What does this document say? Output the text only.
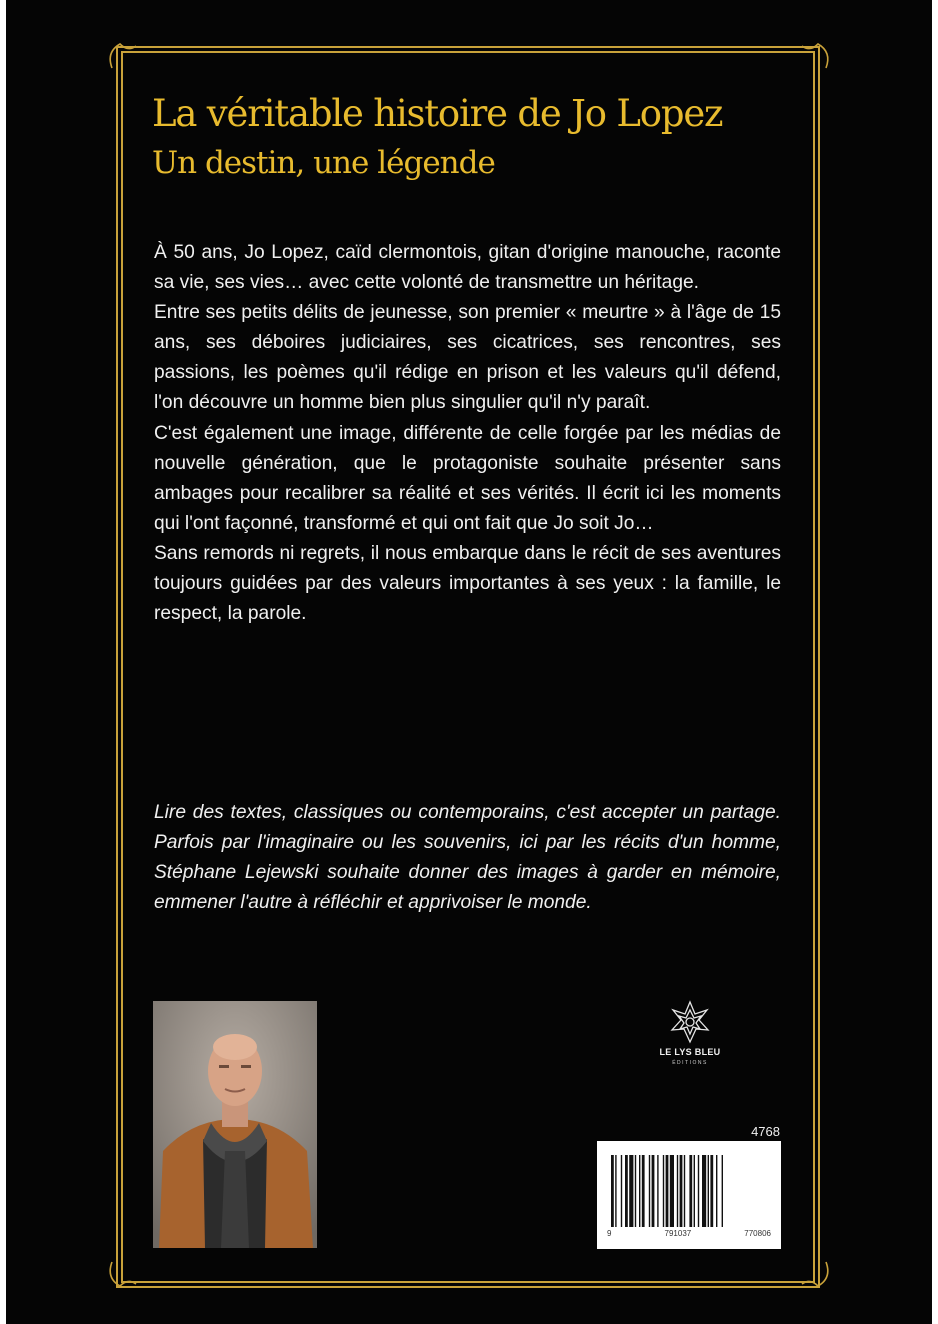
La véritable histoire de Jo Lopez
Un destin, une légende

À 50 ans, Jo Lopez, caïd clermontois, gitan d'origine manouche, raconte sa vie, ses vies… avec cette volonté de transmettre un héritage.

Entre ses petits délits de jeunesse, son premier « meurtre » à l'âge de 15 ans, ses déboires judiciaires, ses cicatrices, ses rencontres, ses passions, les poèmes qu'il rédige en prison et les valeurs qu'il défend, l'on découvre un homme bien plus singulier qu'il n'y paraît.

C'est également une image, différente de celle forgée par les médias de nouvelle génération, que le protagoniste souhaite présenter sans ambages pour recalibrer sa réalité et ses vérités. Il écrit ici les moments qui l'ont façonné, transformé et qui ont fait que Jo soit Jo…

Sans remords ni regrets, il nous embarque dans le récit de ses aventures toujours guidées par des valeurs importantes à ses yeux : la famille, le respect, la parole.

Lire des textes, classiques ou contemporains, c'est accepter un partage. Parfois par l'imaginaire ou les souvenirs, ici par les récits d'un homme, Stéphane Lejewski souhaite donner des images à garder en mémoire, emmener l'autre à réfléchir et apprivoiser le monde.

LE LYS BLEU
ÉDITIONS
4768
9	791037	770806
